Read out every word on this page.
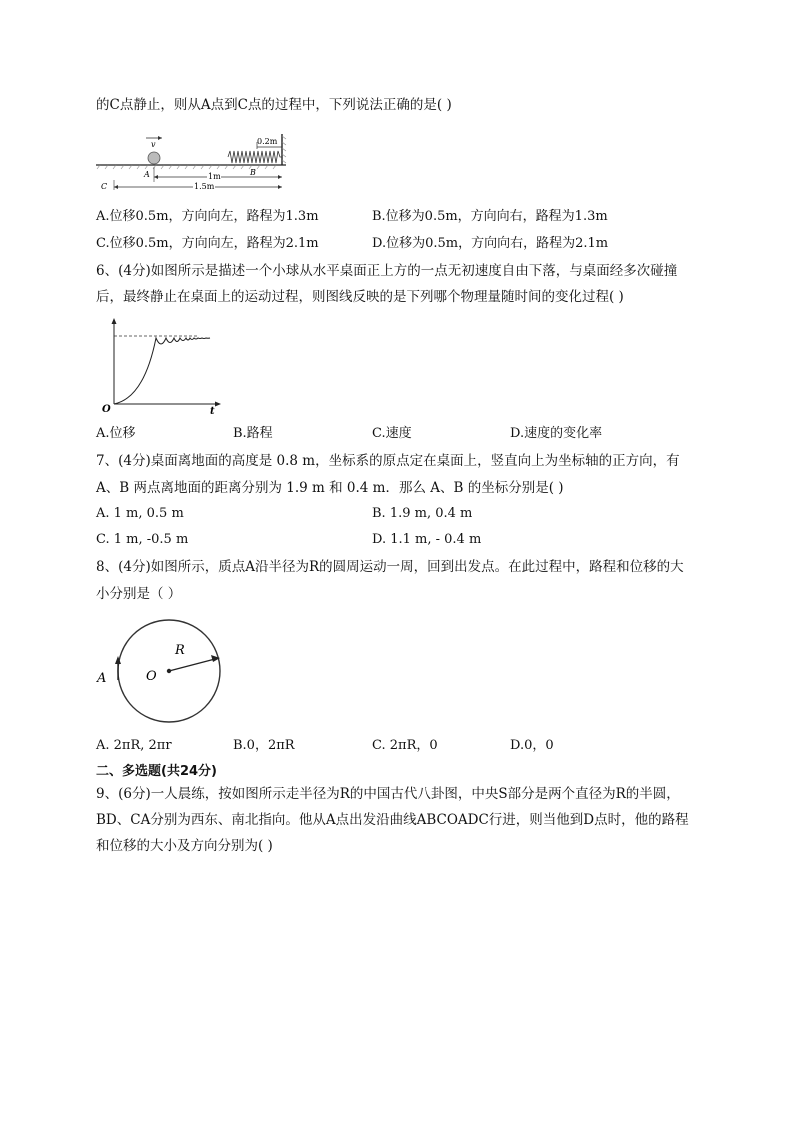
的C点静止，则从A点到C点的过程中，下列说法正确的是( )
0.2m
v
A	B
1m
1.5m
C
A.位移0.5m，方向向左，路程为1.3m	B.位移为0.5m，方向向右，路程为1.3m
C.位移0.5m，方向向左，路程为2.1m	D.位移为0.5m，方向向右，路程为2.1m
6、(4分)如图所示是描述一个小球从水平桌面正上方的一点无初速度自由下落，与桌面经多次碰撞
后，最终静止在桌面上的运动过程，则图线反映的是下列哪个物理量随时间的变化过程( )
O	t
A.位移	B.路程	C.速度	D.速度的变化率
7、(4分)桌面离地面的高度是 0.8 m，坐标系的原点定在桌面上，竖直向上为坐标轴的正方向，有
A、B 两点离地面的距离分别为 1.9 m 和 0.4 m．那么 A、B 的坐标分别是( )
A. 1 m, 0.5 m	B. 1.9 m, 0.4 m
C. 1 m, -0.5 m	D. 1.1 m, - 0.4 m
8、(4分)如图所示，质点A沿半径为R的圆周运动一周，回到出发点。在此过程中，路程和位移的大
小分别是（ ）
A	O
R
A. 2πR, 2πr	B.0，2πR	C. 2πR，0	D.0，0
二、多选题(共24分)
9、(6分)一人晨练，按如图所示走半径为R的中国古代八卦图，中央S部分是两个直径为R的半圆，
BD、CA分别为西东、南北指向。他从A点出发沿曲线ABCOADC行进，则当他到D点时，他的路程
和位移的大小及方向分别为( )
